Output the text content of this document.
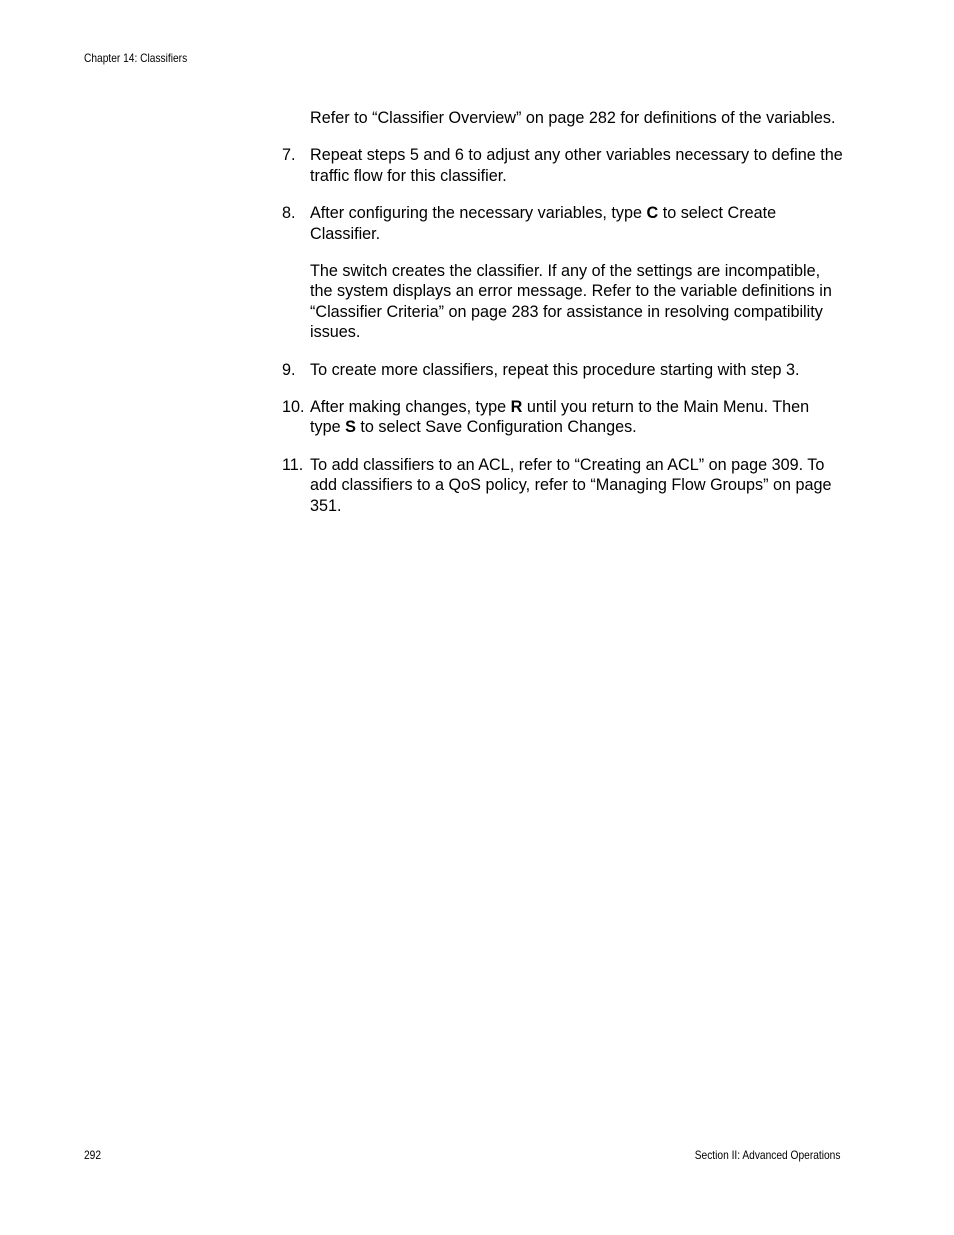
Chapter 14: Classifiers

Refer to “Classifier Overview” on page 282 for definitions of the variables.

7. Repeat steps 5 and 6 to adjust any other variables necessary to define the traffic flow for this classifier.
8. After configuring the necessary variables, type C to select Create Classifier.
The switch creates the classifier. If any of the settings are incompatible, the system displays an error message. Refer to the variable definitions in “Classifier Criteria” on page 283 for assistance in resolving compatibility issues.
9. To create more classifiers, repeat this procedure starting with step 3.
10. After making changes, type R until you return to the Main Menu. Then type S to select Save Configuration Changes.
11. To add classifiers to an ACL, refer to “Creating an ACL” on page 309. To add classifiers to a QoS policy, refer to “Managing Flow Groups” on page 351.
292	Section II: Advanced Operations
